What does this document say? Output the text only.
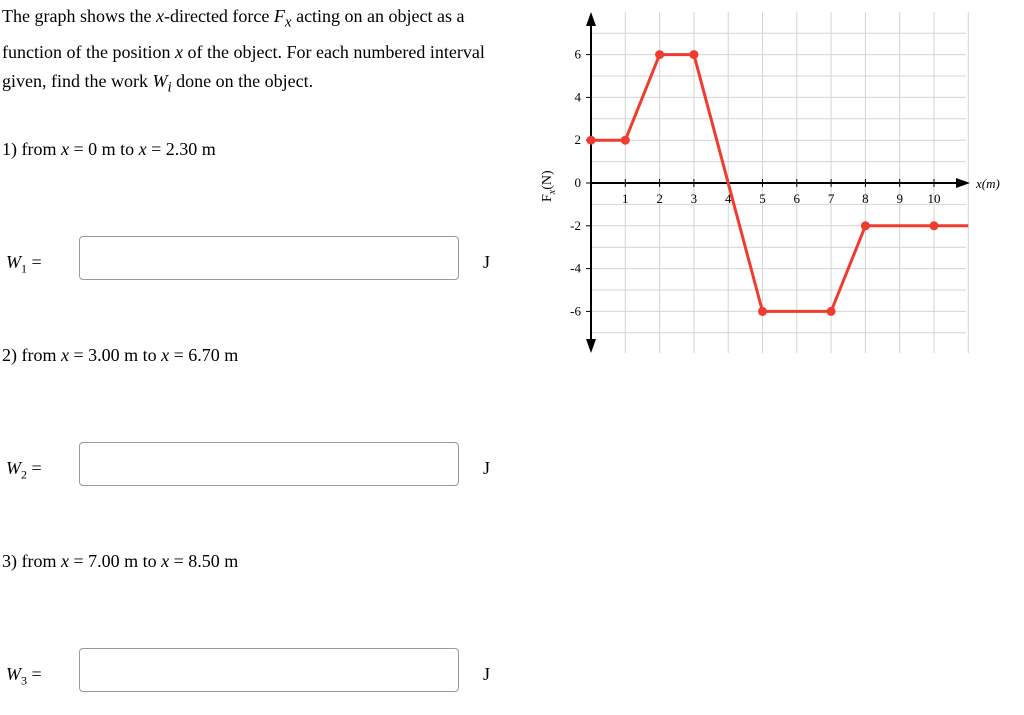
The graph shows the x-directed force $F_x$ acting on an object as a function of the position x of the object. For each numbered interval given, find the work $W_i$ done on the object.
1) from x = 0 m to x = 2.30 m
$W_1$ =	J
2) from x = 3.00 m to x = 6.70 m
$W_2$ =	J
3) from x = 7.00 m to x = 8.50 m
$W_3$ =	J
1 2 3 4 5 6 7 8 9 10
6
4
2
0
-2
-4
-6
x(m)
$F_x(N)$
